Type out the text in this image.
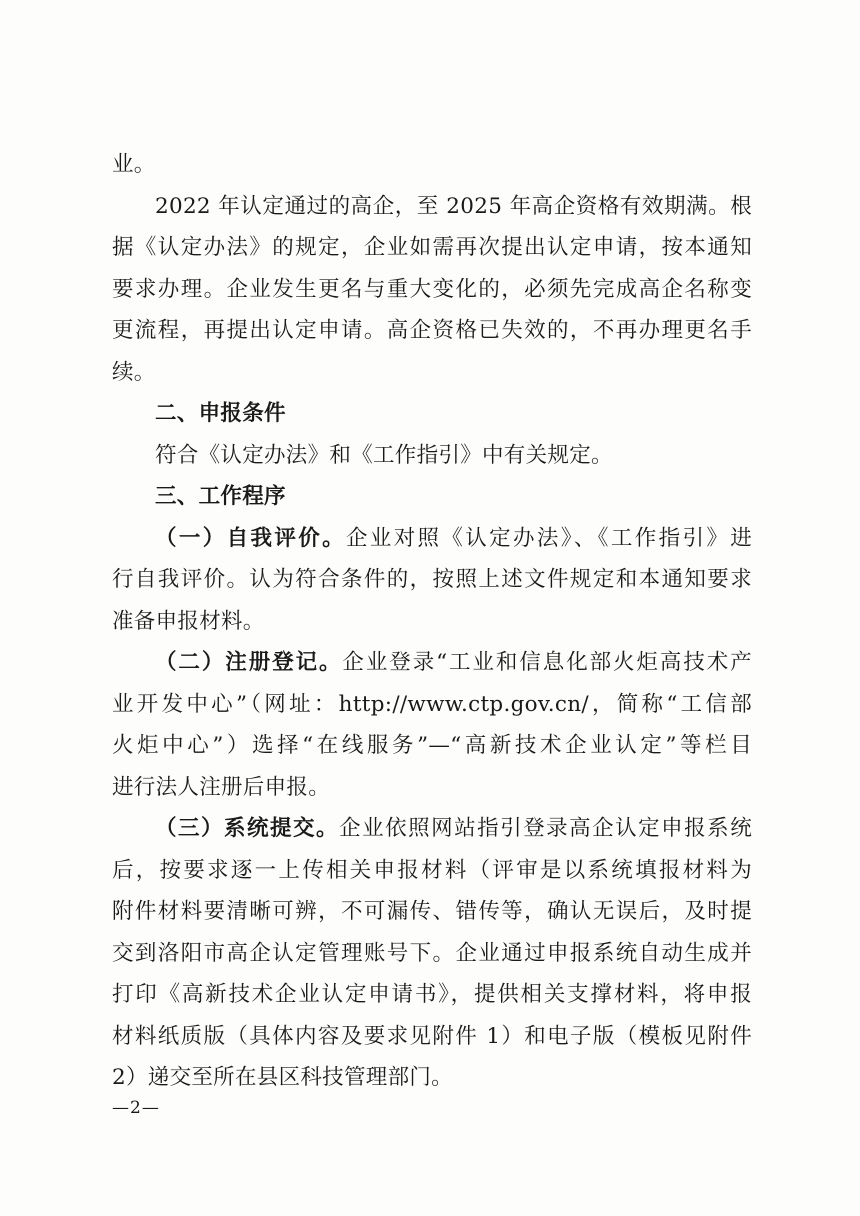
业。
2022 年认定通过的高企，至 2025 年高企资格有效期满。根
据《认定办法》的规定，企业如需再次提出认定申请，按本通知
要求办理。企业发生更名与重大变化的，必须先完成高企名称变
更流程，再提出认定申请。高企资格已失效的，不再办理更名手
续。
二、申报条件
符合《认定办法》和《工作指引》中有关规定。
三、工作程序
（一）自我评价。企业对照《认定办法》、《工作指引》进
行自我评价。认为符合条件的，按照上述文件规定和本通知要求
准备申报材料。
（二）注册登记。企业登录“工业和信息化部火炬高技术产
业开发中心”（网址：http://www.ctp.gov.cn/，简称“工信部
火炬中心”）选择“在线服务”—“高新技术企业认定”等栏目
进行法人注册后申报。
（三）系统提交。企业依照网站指引登录高企认定申报系统
后，按要求逐一上传相关申报材料（评审是以系统填报材料为
附件材料要清晰可辨，不可漏传、错传等，确认无误后，及时提
交到洛阳市高企认定管理账号下。企业通过申报系统自动生成并
打印《高新技术企业认定申请书》，提供相关支撑材料，将申报
材料纸质版（具体内容及要求见附件 1）和电子版（模板见附件
2）递交至所在县区科技管理部门。
—2—
